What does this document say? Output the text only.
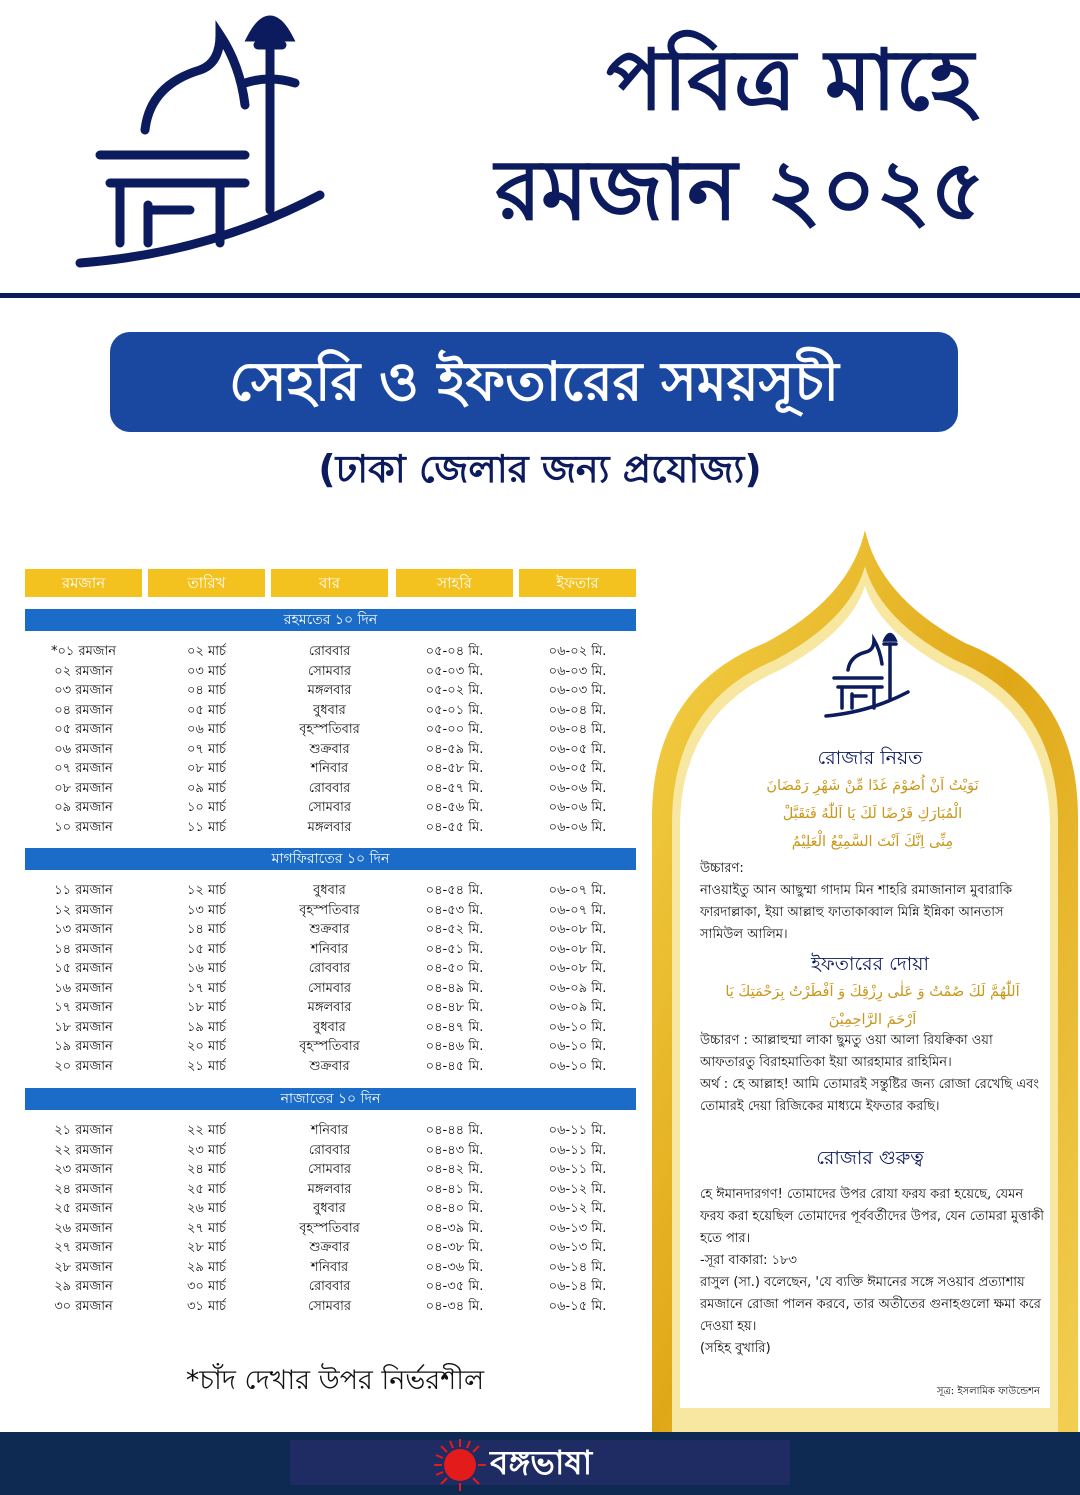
পবিত্র মাহে
রমজান ২০২৫
সেহরি ও ইফতারের সময়সূচী
(ঢাকা জেলার জন্য প্রযোজ্য)
রমজান	তারিখ	বার	সাহরি	ইফতার
রহমতের ১০ দিন
*০১ রমজান	০২ মার্চ	রোববার	০৫-০৪ মি.	০৬-০২ মি.
০২ রমজান	০৩ মার্চ	সোমবার	০৫-০৩ মি.	০৬-০৩ মি.
০৩ রমজান	০৪ মার্চ	মঙ্গলবার	০৫-০২ মি.	০৬-০৩ মি.
০৪ রমজান	০৫ মার্চ	বুধবার	০৫-০১ মি.	০৬-০৪ মি.
০৫ রমজান	০৬ মার্চ	বৃহস্পতিবার	০৫-০০ মি.	০৬-০৪ মি.
০৬ রমজান	০৭ মার্চ	শুক্রবার	০৪-৫৯ মি.	০৬-০৫ মি.
০৭ রমজান	০৮ মার্চ	শনিবার	০৪-৫৮ মি.	০৬-০৫ মি.
০৮ রমজান	০৯ মার্চ	রোববার	০৪-৫৭ মি.	০৬-০৬ মি.
০৯ রমজান	১০ মার্চ	সোমবার	০৪-৫৬ মি.	০৬-০৬ মি.
১০ রমজান	১১ মার্চ	মঙ্গলবার	০৪-৫৫ মি.	০৬-০৬ মি.
মাগফিরাতের ১০ দিন
১১ রমজান	১২ মার্চ	বুধবার	০৪-৫৪ মি.	০৬-০৭ মি.
১২ রমজান	১৩ মার্চ	বৃহস্পতিবার	০৪-৫৩ মি.	০৬-০৭ মি.
১৩ রমজান	১৪ মার্চ	শুক্রবার	০৪-৫২ মি.	০৬-০৮ মি.
১৪ রমজান	১৫ মার্চ	শনিবার	০৪-৫১ মি.	০৬-০৮ মি.
১৫ রমজান	১৬ মার্চ	রোববার	০৪-৫০ মি.	০৬-০৮ মি.
১৬ রমজান	১৭ মার্চ	সোমবার	০৪-৪৯ মি.	০৬-০৯ মি.
১৭ রমজান	১৮ মার্চ	মঙ্গলবার	০৪-৪৮ মি.	০৬-০৯ মি.
১৮ রমজান	১৯ মার্চ	বুধবার	০৪-৪৭ মি.	০৬-১০ মি.
১৯ রমজান	২০ মার্চ	বৃহস্পতিবার	০৪-৪৬ মি.	০৬-১০ মি.
২০ রমজান	২১ মার্চ	শুক্রবার	০৪-৪৫ মি.	০৬-১০ মি.
নাজাতের ১০ দিন
২১ রমজান	২২ মার্চ	শনিবার	০৪-৪৪ মি.	০৬-১১ মি.
২২ রমজান	২৩ মার্চ	রোববার	০৪-৪৩ মি.	০৬-১১ মি.
২৩ রমজান	২৪ মার্চ	সোমবার	০৪-৪২ মি.	০৬-১১ মি.
২৪ রমজান	২৫ মার্চ	মঙ্গলবার	০৪-৪১ মি.	০৬-১২ মি.
২৫ রমজান	২৬ মার্চ	বুধবার	০৪-৪০ মি.	০৬-১২ মি.
২৬ রমজান	২৭ মার্চ	বৃহস্পতিবার	০৪-৩৯ মি.	০৬-১৩ মি.
২৭ রমজান	২৮ মার্চ	শুক্রবার	০৪-৩৮ মি.	০৬-১৩ মি.
২৮ রমজান	২৯ মার্চ	শনিবার	০৪-৩৬ মি.	০৬-১৪ মি.
২৯ রমজান	৩০ মার্চ	রোববার	০৪-৩৫ মি.	০৬-১৪ মি.
৩০ রমজান	৩১ মার্চ	সোমবার	০৪-৩৪ মি.	০৬-১৫ মি.
*চাঁদ দেখার উপর নির্ভরশীল
রোজার নিয়ত
نَوَيْتُ اَنْ اُصُوْمَ غَدًا مِّنْ شَهْرِ رَمْضَانَ
الْمُبَارَكِ فَرْضًا لَكَ يَا اَللّٰهُ فَتَقَبَّلْ
مِنِّى اِنَّكَ اَنْتَ السَّمِيْعُ الْعَلِيْمُ
উচ্চারণ:
নাওয়াইতু আন আছুম্মা গাদাম মিন শাহরি রমাজানাল মুবারাকি ফারদাল্লাকা, ইয়া আল্লাহু ফাতাকাব্বাল মিন্নি ইন্নিকা আনতাস সামিউল আলিম।
ইফতারের দোয়া
اَللّٰهُمَّ لَكَ صُمْتُ وَ عَلٰى رِزْقِكَ وَ اَفْطَرْتُ بِرَحْمَتِكَ يَا
اَرْحَمَ الرَّاحِمِيْنَ
উচ্চারণ : আল্লাহুম্মা লাকা ছুমতু ওয়া আলা রিযক্বিকা ওয়া আফতারতু বিরাহমাতিকা ইয়া আরহামার রাহিমিন।
অর্থ : হে আল্লাহ! আমি তোমারই সন্তুষ্টির জন্য রোজা রেখেছি এবং তোমারই দেয়া রিজিকের মাধ্যমে ইফতার করছি।
রোজার গুরুত্ব
হে ঈমানদারগণ! তোমাদের উপর রোযা ফরয করা হয়েছে, যেমন ফরয করা হয়েছিল তোমাদের পূর্ববর্তীদের উপর, যেন তোমরা মুত্তাকী হতে পার।
-সূরা বাকারা: ১৮৩
রাসুল (সা.) বলেছেন, 'যে ব্যক্তি ঈমানের সঙ্গে সওয়াব প্রত্যাশায় রমজানে রোজা পালন করবে, তার অতীতের গুনাহগুলো ক্ষমা করে দেওয়া হয়।
(সহিহ বুখারি)
সূত্র: ইসলামিক ফাউন্ডেশন
বঙ্গভাষা
